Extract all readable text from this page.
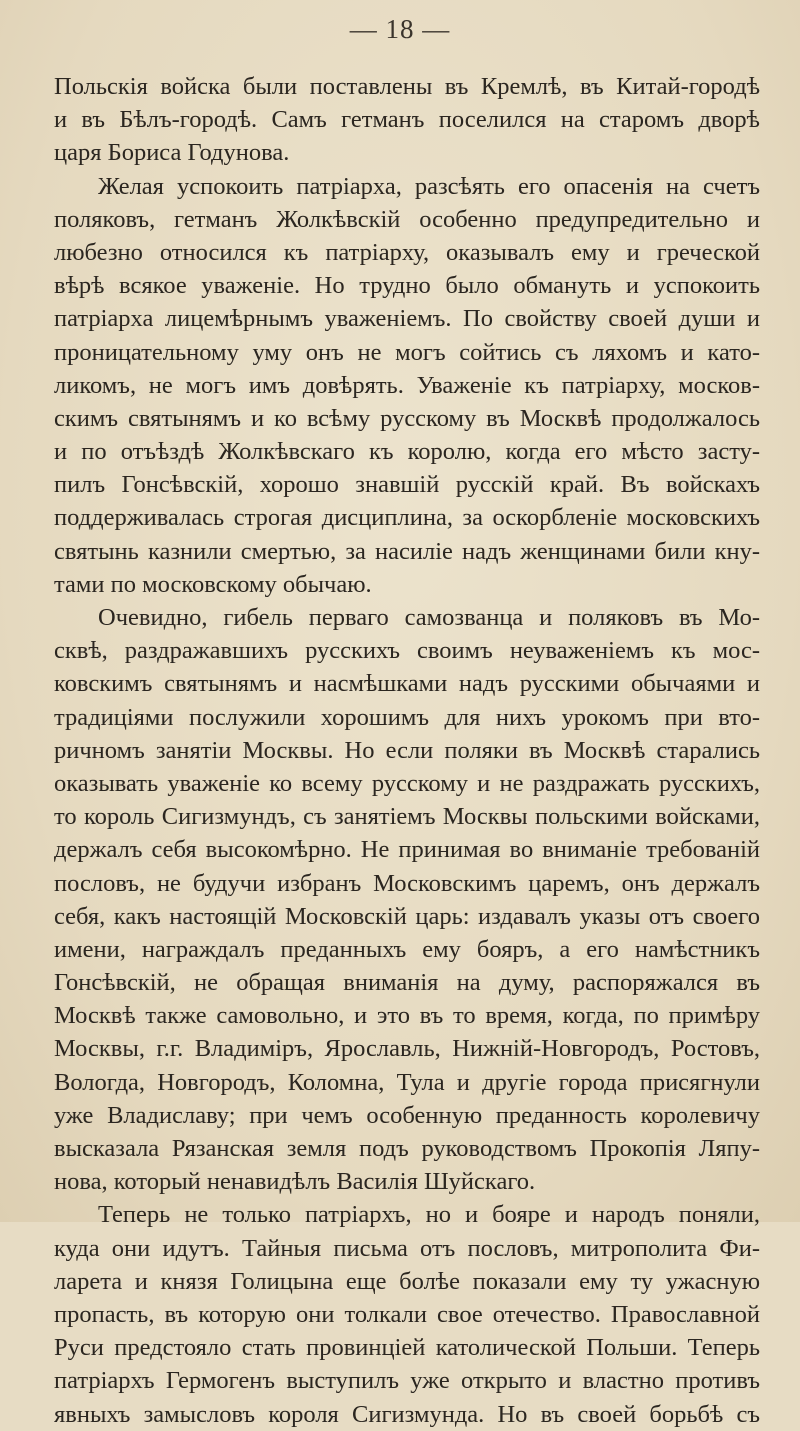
— 18 —
Польскія войска были поставлены въ Кремлѣ, въ Китай-городѣ
и въ Бѣлъ-городѣ. Самъ гетманъ поселился на старомъ дворѣ
царя Бориса Годунова.
Желая успокоить патріарха, разсѣять его опасенія на счетъ
поляковъ, гетманъ Жолкѣвскій особенно предупредительно и
любезно относился къ патріарху, оказывалъ ему и греческой
вѣрѣ всякое уваженіе. Но трудно было обмануть и успокоить
патріарха лицемѣрнымъ уваженіемъ. По свойству своей души и
проницательному уму онъ не могъ сойтись съ ляхомъ и като-
ликомъ, не могъ имъ довѣрять. Уваженіе къ патріарху, москов-
скимъ святынямъ и ко всѣму русскому въ Москвѣ продолжалось
и по отъѣздѣ Жолкѣвскаго къ королю, когда его мѣсто засту-
пилъ Гонсѣвскій, хорошо знавшій русскій край. Въ войскахъ
поддерживалась строгая дисциплина, за оскорбленіе московскихъ
святынь казнили смертью, за насиліе надъ женщинами били кну-
тами по московскому обычаю.
Очевидно, гибель перваго самозванца и поляковъ въ Мо-
сквѣ, раздражавшихъ русскихъ своимъ неуваженіемъ къ мос-
ковскимъ святынямъ и насмѣшками надъ русскими обычаями и
традиціями послужили хорошимъ для нихъ урокомъ при вто-
ричномъ занятіи Москвы. Но если поляки въ Москвѣ старались
оказывать уваженіе ко всему русскому и не раздражать русскихъ,
то король Сигизмундъ, съ занятіемъ Москвы польскими войсками,
держалъ себя высокомѣрно. Не принимая во вниманіе требованій
пословъ, не будучи избранъ Московскимъ царемъ, онъ держалъ
себя, какъ настоящій Московскій царь: издавалъ указы отъ своего
имени, награждалъ преданныхъ ему бояръ, а его намѣстникъ
Гонсѣвскій, не обращая вниманія на думу, распоряжался въ
Москвѣ также самовольно, и это въ то время, когда, по примѣру
Москвы, г.г. Владиміръ, Ярославль, Нижній-Новгородъ, Ростовъ,
Вологда, Новгородъ, Коломна, Тула и другіе города присягнули
уже Владиславу; при чемъ особенную преданность королевичу
высказала Рязанская земля подъ руководствомъ Прокопія Ляпу-
нова, который ненавидѣлъ Василія Шуйскаго.
Теперь не только патріархъ, но и бояре и народъ поняли,
куда они идутъ. Тайныя письма отъ пословъ, митрополита Фи-
ларета и князя Голицына еще болѣе показали ему ту ужасную
пропасть, въ которую они толкали свое отечество. Православной
Руси предстояло стать провинціей католической Польши. Теперь
патріархъ Гермогенъ выступилъ уже открыто и властно противъ
явныхъ замысловъ короля Сигизмунда. Но въ своей борьбѣ съ
